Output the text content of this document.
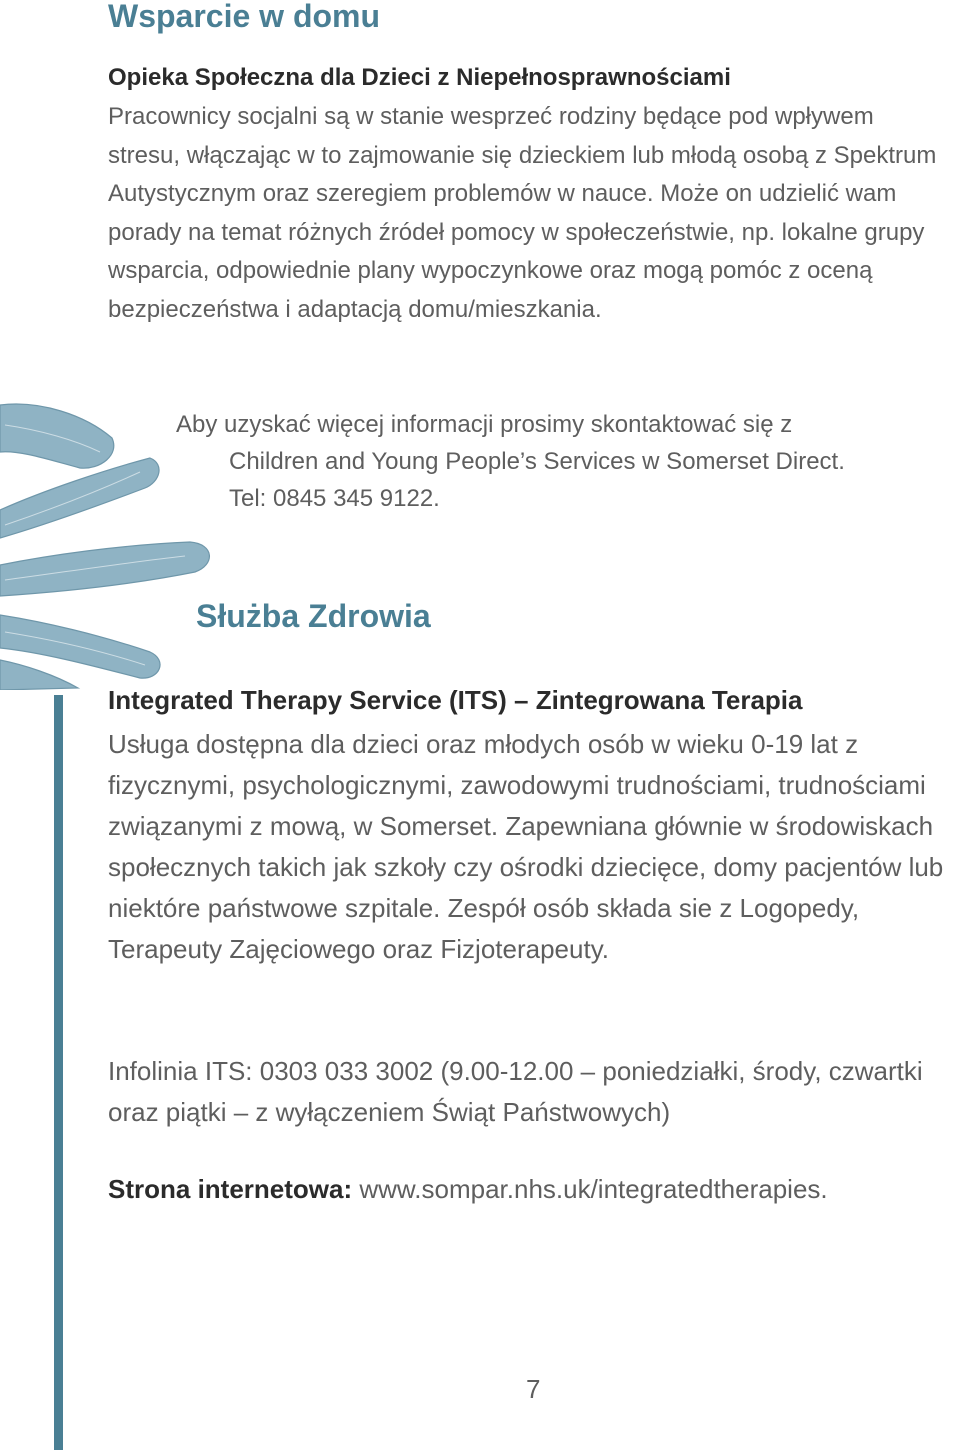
Wsparcie w domu

Opieka Społeczna dla Dzieci z Niepełnosprawnościami

Pracownicy socjalni są w stanie wesprzeć rodziny będące pod wpływem stresu, włączając w to zajmowanie się dzieckiem lub młodą osobą z Spektrum Autystycznym oraz szeregiem problemów w nauce. Może on udzielić wam porady na temat różnych źródeł pomocy w społeczeństwie, np. lokalne grupy wsparcia, odpowiednie plany wypoczynkowe oraz mogą pomóc z oceną bezpieczeństwa i adaptacją domu/mieszkania.

Aby uzyskać więcej informacji prosimy skontaktować się z
Children and Young People’s Services w Somerset Direct.
Tel: 0845 345 9122.
Służba Zdrowia

Integrated Therapy Service (ITS) – Zintegrowana Terapia

Usługa dostępna dla dzieci oraz młodych osób w wieku 0-19 lat z fizycznymi, psychologicznymi, zawodowymi trudnościami, trudnościami związanymi z mową, w Somerset. Zapewniana głównie w środowiskach społecznych takich jak szkoły czy ośrodki dziecięce, domy pacjentów lub niektóre państwowe szpitale. Zespół osób składa sie z Logopedy, Terapeuty Zajęciowego oraz Fizjoterapeuty.

Infolinia ITS: 0303 033 3002 (9.00-12.00 – poniedziałki, środy, czwartki oraz piątki – z wyłączeniem Świąt Państwowych)

Strona internetowa: www.sompar.nhs.uk/integratedtherapies.

7
